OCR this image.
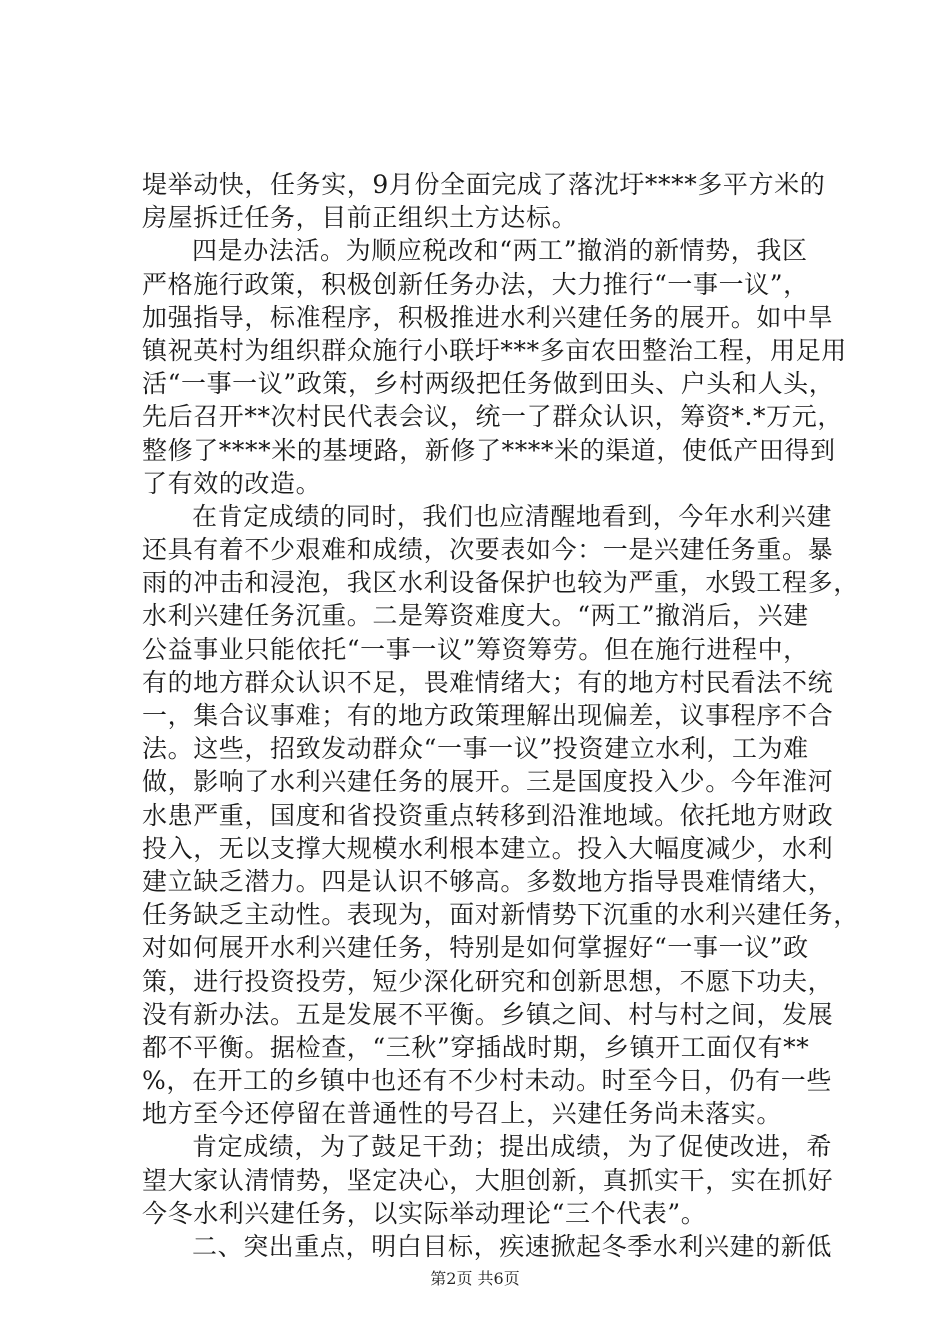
堤举动快，任务实，9月份全面完成了落沈圩****多平方米的
房屋拆迁任务，目前正组织土方达标。
四是办法活。为顺应税改和“两工”撤消的新情势，我区
严格施行政策，积极创新任务办法，大力推行“一事一议”，
加强指导，标准程序，积极推进水利兴建任务的展开。如中旱
镇祝英村为组织群众施行小联圩***多亩农田整治工程，用足用
活“一事一议”政策，乡村两级把任务做到田头、户头和人头，
先后召开**次村民代表会议，统一了群众认识，筹资*.*万元，
整修了****米的基埂路，新修了****米的渠道，使低产田得到
了有效的改造。
在肯定成绩的同时，我们也应清醒地看到，今年水利兴建
还具有着不少艰难和成绩，次要表如今：一是兴建任务重。暴
雨的冲击和浸泡，我区水利设备保护也较为严重，水毁工程多，
水利兴建任务沉重。二是筹资难度大。“两工”撤消后，兴建
公益事业只能依托“一事一议”筹资筹劳。但在施行进程中，
有的地方群众认识不足，畏难情绪大；有的地方村民看法不统
一，集合议事难；有的地方政策理解出现偏差，议事程序不合
法。这些，招致发动群众“一事一议”投资建立水利，工为难
做，影响了水利兴建任务的展开。三是国度投入少。今年淮河
水患严重，国度和省投资重点转移到沿淮地域。依托地方财政
投入，无以支撑大规模水利根本建立。投入大幅度减少，水利
建立缺乏潜力。四是认识不够高。多数地方指导畏难情绪大，
任务缺乏主动性。表现为，面对新情势下沉重的水利兴建任务，
对如何展开水利兴建任务，特别是如何掌握好“一事一议”政
策，进行投资投劳，短少深化研究和创新思想，不愿下功夫，
没有新办法。五是发展不平衡。乡镇之间、村与村之间，发展
都不平衡。据检查，“三秋”穿插战时期，乡镇开工面仅有**
%，在开工的乡镇中也还有不少村未动。时至今日，仍有一些
地方至今还停留在普通性的号召上，兴建任务尚未落实。
肯定成绩，为了鼓足干劲；提出成绩，为了促使改进，希
望大家认清情势，坚定决心，大胆创新，真抓实干，实在抓好
今冬水利兴建任务，以实际举动理论“三个代表”。
二、突出重点，明白目标，疾速掀起冬季水利兴建的新低
第2页 共6页
